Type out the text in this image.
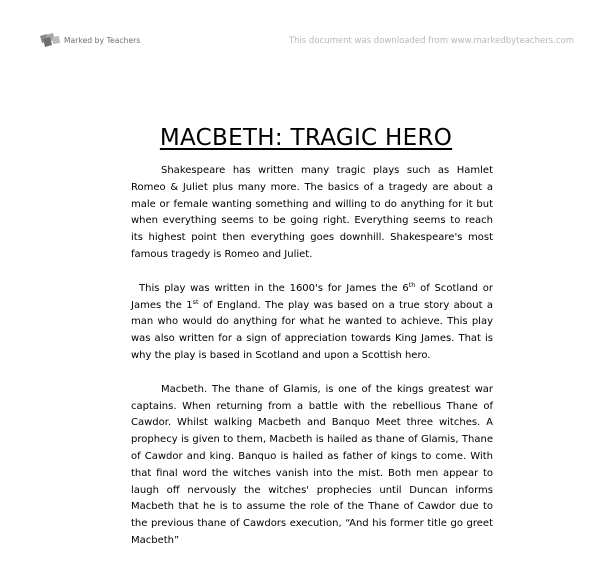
Marked by Teachers	This document was downloaded from www.markedbyteachers.com
MACBETH: TRAGIC HERO

Shakespeare has written many tragic plays such as Hamlet Romeo & Juliet plus many more. The basics of a tragedy are about a male or female wanting something and willing to do anything for it but when everything seems to be going right. Everything seems to reach its highest point then everything goes downhill. Shakespeare's most famous tragedy is Romeo and Juliet.

This play was written in the 1600's for James the 6th of Scotland or James the 1st of England. The play was based on a true story about a man who would do anything for what he wanted to achieve. This play was also written for a sign of appreciation towards King James. That is why the play is based in Scotland and upon a Scottish hero.

Macbeth. The thane of Glamis, is one of the kings greatest war captains. When returning from a battle with the rebellious Thane of Cawdor. Whilst walking Macbeth and Banquo Meet three witches. A prophecy is given to them, Macbeth is hailed as thane of Glamis, Thane of Cawdor and king. Banquo is hailed as father of kings to come. With that final word the witches vanish into the mist. Both men appear to laugh off nervously the witches' prophecies until Duncan informs Macbeth that he is to assume the role of the Thane of Cawdor due to the previous thane of Cawdors execution, “And his former title go greet Macbeth”
